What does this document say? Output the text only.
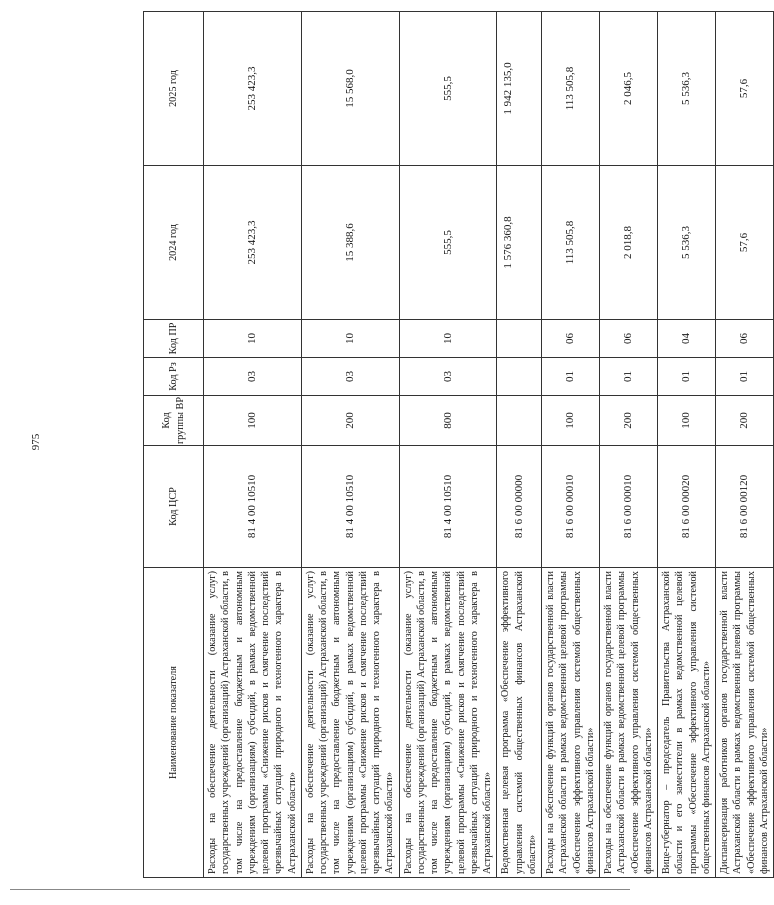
975
Наименование показателя	Код ЦСР	Код группы ВР	Код Рз	Код ПР	2024 год	2025 год
Расходы на обеспечение деятельности (оказание услуг) государственных учреждений (организаций) Астраханской области, в том числе на предоставление бюджетным и автономным учреждениям (организациям) субсидий, в рамках ведомственной целевой программы «Снижение рисков и смягчение последствий чрезвычайных ситуаций природного и техногенного характера в Астраханской области»	81 4 00 10510	100	03	10	253 423,3	253 423,3
Расходы на обеспечение деятельности (оказание услуг) государственных учреждений (организаций) Астраханской области, в том числе на предоставление бюджетным и автономным учреждениям (организациям) субсидий, в рамках ведомственной целевой программы «Снижение рисков и смягчение последствий чрезвычайных ситуаций природного и техногенного характера в Астраханской области»	81 4 00 10510	200	03	10	15 388,6	15 568,0
Расходы на обеспечение деятельности (оказание услуг) государственных учреждений (организаций) Астраханской области, в том числе на предоставление бюджетным и автономным учреждениям (организациям) субсидий, в рамках ведомственной целевой программы «Снижение рисков и смягчение последствий чрезвычайных ситуаций природного и техногенного характера в Астраханской области»	81 4 00 10510	800	03	10	555,5	555,5
Ведомственная целевая программа «Обеспечение эффективного управления системой общественных финансов Астраханской области»	81 6 00 00000				1 576 360,8	1 942 135,0
Расходы на обеспечение функций органов государственной власти Астраханской области в рамках ведомственной целевой программы «Обеспечение эффективного управления системой общественных финансов Астраханской области»	81 6 00 00010	100	01	06	113 505,8	113 505,8
Расходы на обеспечение функций органов государственной власти Астраханской области в рамках ведомственной целевой программы «Обеспечение эффективного управления системой общественных финансов Астраханской области»	81 6 00 00010	200	01	06	2 018,8	2 046,5
Вице-губернатор – председатель Правительства Астраханской области и его заместители в рамках ведомственной целевой программы «Обеспечение эффективного управления системой общественных финансов Астраханской области»	81 6 00 00020	100	01	04	5 536,3	5 536,3
Диспансеризация работников органов государственной власти Астраханской области в рамках ведомственной целевой программы «Обеспечение эффективного управления системой общественных финансов Астраханской области»	81 6 00 00120	200	01	06	57,6	57,6
